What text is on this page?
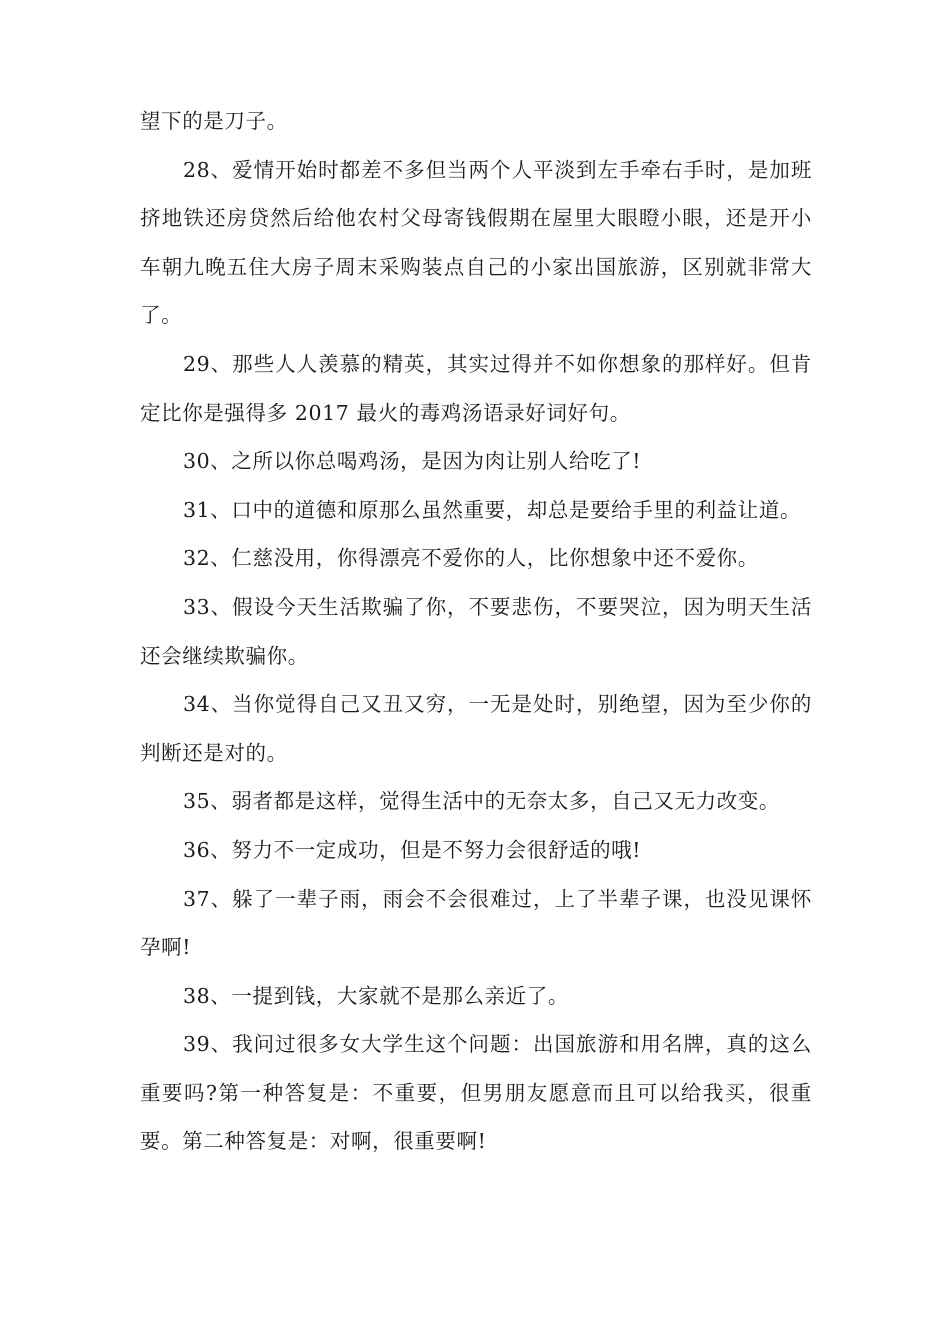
望下的是刀子。

28、爱情开始时都差不多但当两个人平淡到左手牵右手时，是加班挤地铁还房贷然后给他农村父母寄钱假期在屋里大眼瞪小眼，还是开小车朝九晚五住大房子周末采购装点自己的小家出国旅游，区别就非常大了。

29、那些人人羡慕的精英，其实过得并不如你想象的那样好。但肯定比你是强得多 2017 最火的毒鸡汤语录好词好句。

30、之所以你总喝鸡汤，是因为肉让别人给吃了!

31、口中的道德和原那么虽然重要，却总是要给手里的利益让道。

32、仁慈没用，你得漂亮不爱你的人，比你想象中还不爱你。

33、假设今天生活欺骗了你，不要悲伤，不要哭泣，因为明天生活还会继续欺骗你。

34、当你觉得自己又丑又穷，一无是处时，别绝望，因为至少你的判断还是对的。

35、弱者都是这样，觉得生活中的无奈太多，自己又无力改变。

36、努力不一定成功，但是不努力会很舒适的哦!

37、躲了一辈子雨，雨会不会很难过，上了半辈子课，也没见课怀孕啊!

38、一提到钱，大家就不是那么亲近了。

39、我问过很多女大学生这个问题：出国旅游和用名牌，真的这么重要吗?第一种答复是：不重要，但男朋友愿意而且可以给我买，很重要。第二种答复是：对啊，很重要啊!
